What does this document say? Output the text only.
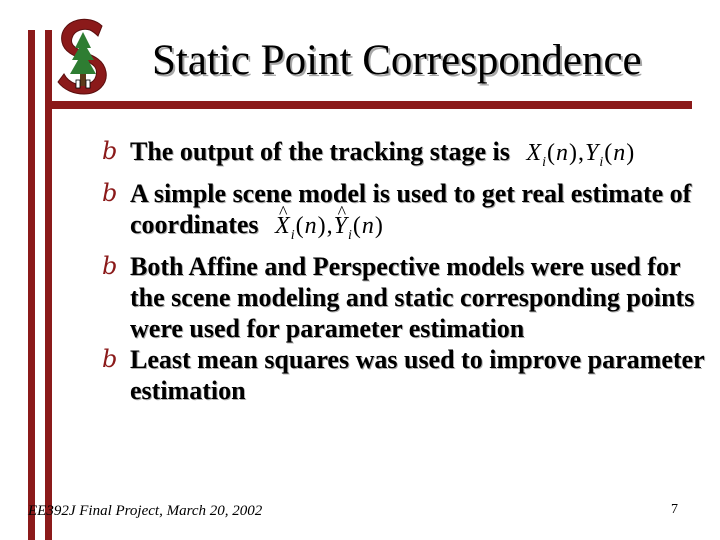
Static Point Correspondence
b The output of the tracking stage is $X_i(n),Y_i(n)$
b A simple scene model is used to get real estimate of coordinates ^ $X_i(n),\^{}$ $Y_i(n)$
b Both Affine and Perspective models were used for the scene modeling and static corresponding points were used for parameter estimation
b Least mean squares was used to improve parameter estimation
EE392J Final Project, March 20, 2002	7
